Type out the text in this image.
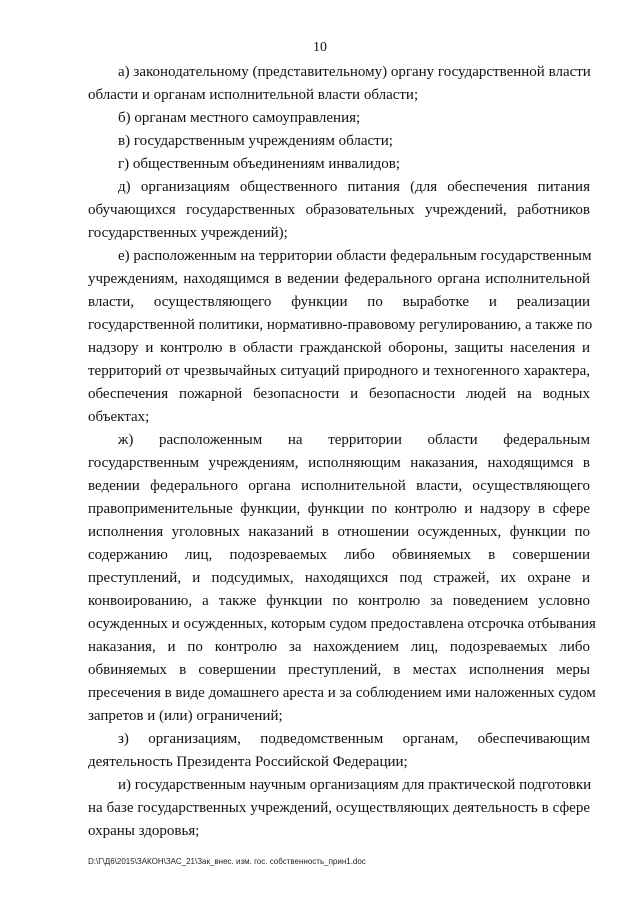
10
а) законодательному (представительному) органу государственной власти
области и органам исполнительной власти области;
б) органам местного самоуправления;
в) государственным учреждениям области;
г) общественным объединениям инвалидов;
д) организациям общественного питания (для обеспечения питания
обучающихся государственных образовательных учреждений, работников
государственных учреждений);
е) расположенным на территории области федеральным государственным
учреждениям, находящимся в ведении федерального органа исполнительной
власти, осуществляющего функции по выработке и реализации
государственной политики, нормативно-правовому регулированию, а также по
надзору и контролю в области гражданской обороны, защиты населения и
территорий от чрезвычайных ситуаций природного и техногенного характера,
обеспечения пожарной безопасности и безопасности людей на водных
объектах;
ж) расположенным на территории области федеральным
государственным учреждениям, исполняющим наказания, находящимся в
ведении федерального органа исполнительной власти, осуществляющего
правоприменительные функции, функции по контролю и надзору в сфере
исполнения уголовных наказаний в отношении осужденных, функции по
содержанию лиц, подозреваемых либо обвиняемых в совершении
преступлений, и подсудимых, находящихся под стражей, их охране и
конвоированию, а также функции по контролю за поведением условно
осужденных и осужденных, которым судом предоставлена отсрочка отбывания
наказания, и по контролю за нахождением лиц, подозреваемых либо
обвиняемых в совершении преступлений, в местах исполнения меры
пресечения в виде домашнего ареста и за соблюдением ими наложенных судом
запретов и (или) ограничений;
з) организациям, подведомственным органам, обеспечивающим
деятельность Президента Российской Федерации;
и) государственным научным организациям для практической подготовки
на базе государственных учреждений, осуществляющих деятельность в сфере
охраны здоровья;
D:\Г\Д6\2015\ЗАКОН\ЗАС_21\Зак_внес. изм. гос. собственность_прин1.doc
